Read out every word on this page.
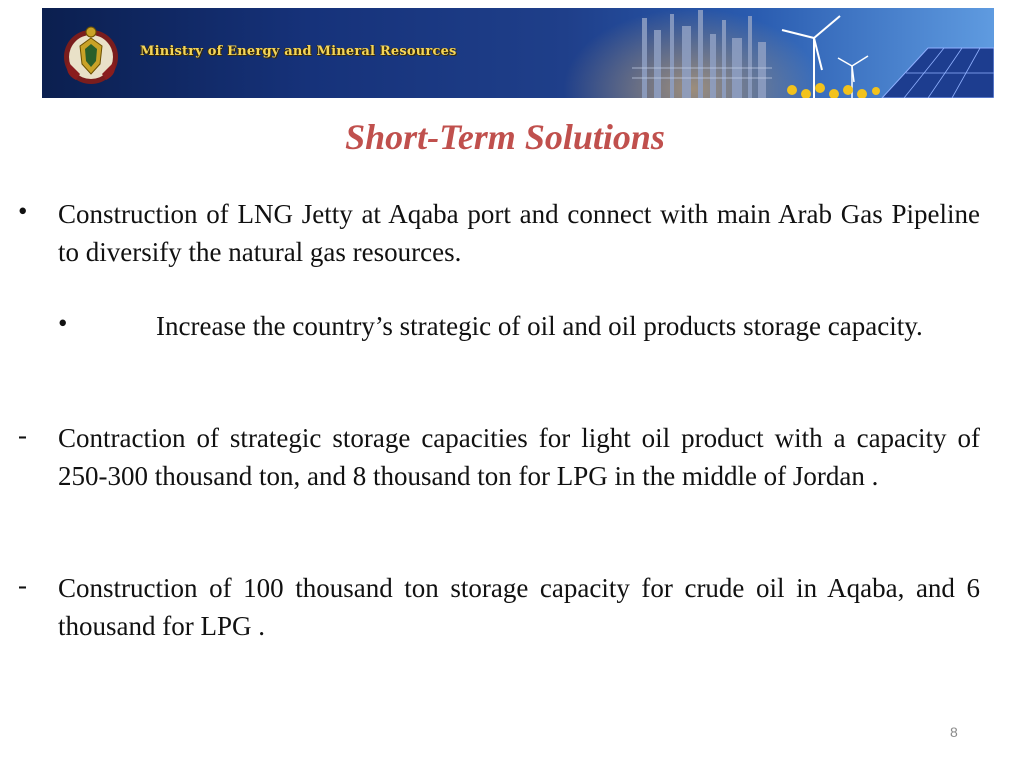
Ministry of Energy and Mineral Resources
Short-Term Solutions
• Construction of LNG Jetty at Aqaba port and connect with main Arab Gas Pipeline to diversify the natural gas resources.
•	Increase the country’s strategic of oil and oil products storage capacity.
- Contraction of strategic storage capacities for light oil product with a capacity of 250-300 thousand ton, and 8 thousand ton for LPG in the middle of Jordan .
- Construction of 100 thousand ton storage capacity for crude oil in Aqaba, and 6 thousand for LPG .
8
